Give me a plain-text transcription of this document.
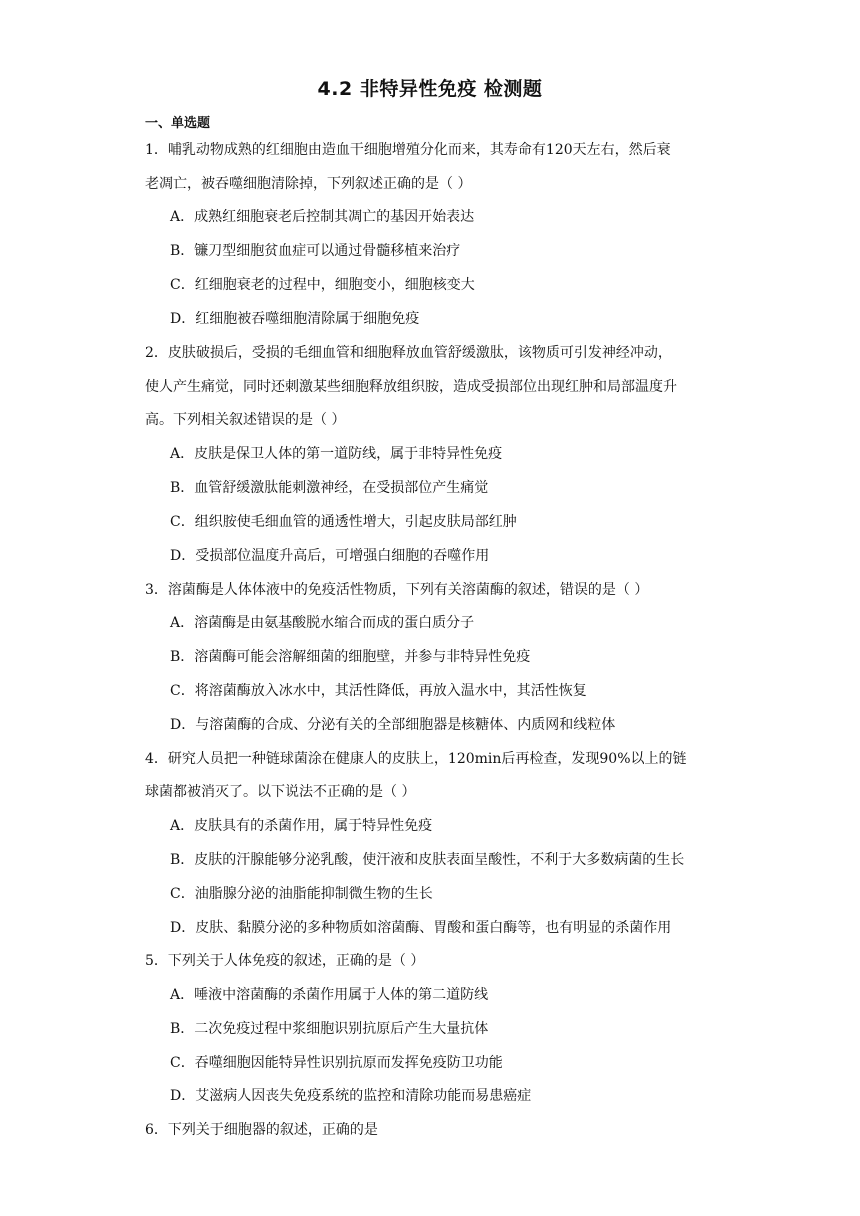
4.2 非特异性免疫 检测题
一、单选题
1．哺乳动物成熟的红细胞由造血干细胞增殖分化而来，其寿命有120天左右，然后衰
老凋亡，被吞噬细胞清除掉，下列叙述正确的是（ ）
A．成熟红细胞衰老后控制其凋亡的基因开始表达
B．镰刀型细胞贫血症可以通过骨髓移植来治疗
C．红细胞衰老的过程中，细胞变小，细胞核变大
D．红细胞被吞噬细胞清除属于细胞免疫
2．皮肤破损后，受损的毛细血管和细胞释放血管舒缓激肽，该物质可引发神经冲动，
使人产生痛觉，同时还刺激某些细胞释放组织胺，造成受损部位出现红肿和局部温度升
高。下列相关叙述错误的是（ ）
A．皮肤是保卫人体的第一道防线，属于非特异性免疫
B．血管舒缓激肽能刺激神经，在受损部位产生痛觉
C．组织胺使毛细血管的通透性增大，引起皮肤局部红肿
D．受损部位温度升高后，可增强白细胞的吞噬作用
3．溶菌酶是人体体液中的免疫活性物质，下列有关溶菌酶的叙述，错误的是（ ）
A．溶菌酶是由氨基酸脱水缩合而成的蛋白质分子
B．溶菌酶可能会溶解细菌的细胞壁，并参与非特异性免疫
C．将溶菌酶放入冰水中，其活性降低，再放入温水中，其活性恢复
D．与溶菌酶的合成、分泌有关的全部细胞器是核糖体、内质网和线粒体
4．研究人员把一种链球菌涂在健康人的皮肤上，120min后再检查，发现90%以上的链
球菌都被消灭了。以下说法不正确的是（ ）
A．皮肤具有的杀菌作用，属于特异性免疫
B．皮肤的汗腺能够分泌乳酸，使汗液和皮肤表面呈酸性，不利于大多数病菌的生长
C．油脂腺分泌的油脂能抑制微生物的生长
D．皮肤、黏膜分泌的多种物质如溶菌酶、胃酸和蛋白酶等，也有明显的杀菌作用
5．下列关于人体免疫的叙述，正确的是（ ）
A．唾液中溶菌酶的杀菌作用属于人体的第二道防线
B．二次免疫过程中浆细胞识别抗原后产生大量抗体
C．吞噬细胞因能特异性识别抗原而发挥免疫防卫功能
D．艾滋病人因丧失免疫系统的监控和清除功能而易患癌症
6．下列关于细胞器的叙述，正确的是
